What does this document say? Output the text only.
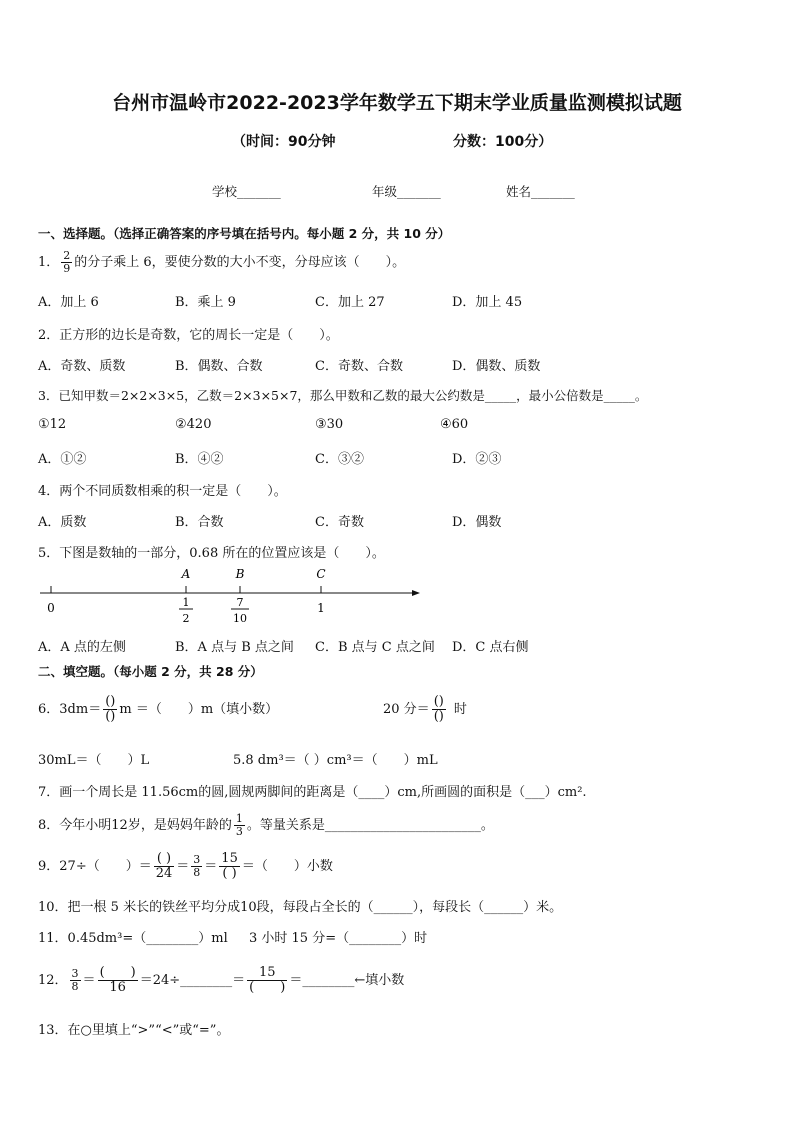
台州市温岭市2022-2023学年数学五下期末学业质量监测模拟试题
（时间：90分钟	分数：100分）
学校_______	年级_______	姓名_______
一、选择题。（选择正确答案的序号填在括号内。每小题 2 分，共 10 分）
1． $\frac{2}{9}$ 的分子乘上 6，要使分数的大小不变，分母应该（　　）。
A．加上 6	B．乘上 9	C．加上 27	D．加上 45
2．正方形的边长是奇数，它的周长一定是（　　）。
A．奇数、质数	B．偶数、合数	C．奇数、合数	D．偶数、质数
3．已知甲数＝2×2×3×5，乙数＝2×3×5×7，那么甲数和乙数的最大公约数是_____，最小公倍数是_____。
①12	②420	③30	④60
A．①②	B．④②	C．③②	D．②③
4．两个不同质数相乘的积一定是（　　）。
A．质数	B．合数	C．奇数	D．偶数
5．下图是数轴的一部分，0.68 所在的位置应该是（　　）。
A	B	C
0	1
2
7
10
1
A．A 点的左侧	B．A 点与 B 点之间 C．B 点与 C 点之间 D．C 点右侧
二、填空题。（每小题 2 分，共 28 分）
6．$3dm= \frac{()}{()}$ m ＝（　　）m（填小数）	20 分＝ $\frac{()}{()}$ 时
30mL＝（　　）L	5.8 dm³＝（ ）cm³＝（　　）mL
7．画一个周长是 11.56cm的圆,圆规两脚间的距离是（____）cm,所画圆的面积是（___）cm².
8．今年小明12岁，是妈妈年龄的 $\frac{1}{3}$ 。等量关系是________________________。
9．27÷（　　）＝ $\frac{( )}{24} = \frac{3}{8} = \frac{15}{( )}$ ＝（　　）小数
10．把一根 5 米长的铁丝平均分成10段，每段占全长的（______），每段长（______）米。
11．0.45dm³=（________）ml 3 小时 15 分=（________）时
12． $\frac{3}{8} = \frac{( )}{16}$ ＝24÷________＝ $\frac{15}{( )}$ ＝________←填小数
13．在○里填上“>”“<”或“=”。
